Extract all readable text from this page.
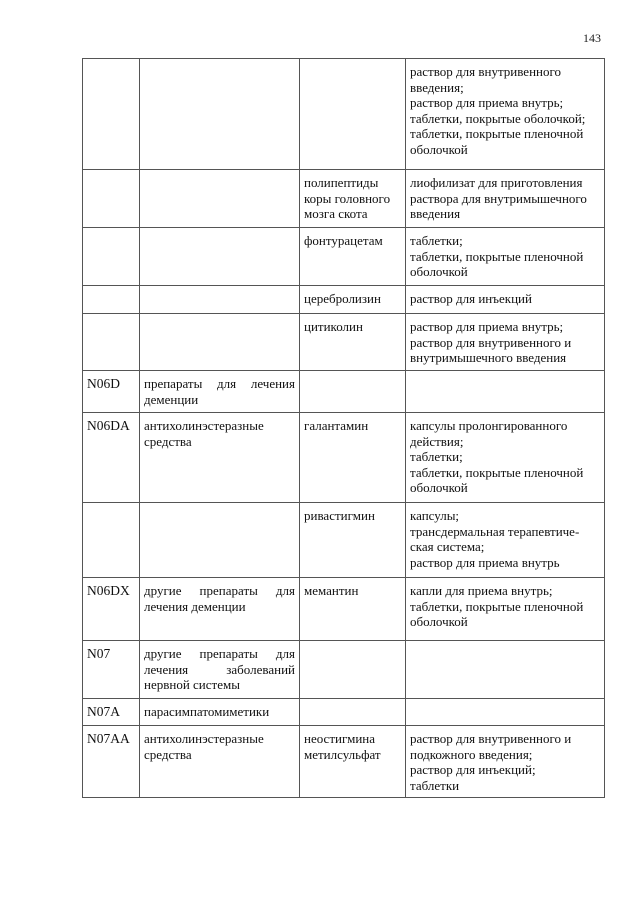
143

			раствор для внутривенного введения;
раствор для приема внутрь;
таблетки, покрытые оболочкой;
таблетки, покрытые пленочной оболочкой

		полипептиды коры головного мозга скота	лиофилизат для приготовления раствора для внутримышечного введения

		фонтурацетам	таблетки;
таблетки, покрытые пленочной оболочкой

		церебролизин	раствор для инъекций

		цитиколин	раствор для приема внутрь;
раствор для внутривенного и внутримышечного введения

N06D	препараты для лечения деменции		
N06DA	антихолинэстеразные средства	галантамин	капсулы пролонгированного действия;
таблетки;
таблетки, покрытые пленочной оболочкой

		ривастигмин	капсулы;
трансдермальная терапевтиче-ская система;
раствор для приема внутрь

N06DX	другие препараты для лечения деменции	мемантин	капли для приема внутрь;
таблетки, покрытые пленочной оболочкой

N07	другие препараты для лечения заболеваний нервной системы		
N07A	парасимпатомиметики		
N07AA	антихолинэстеразные средства	неостигмина метилсульфат	раствор для внутривенного и подкожного введения;
раствор для инъекций;
таблетки
